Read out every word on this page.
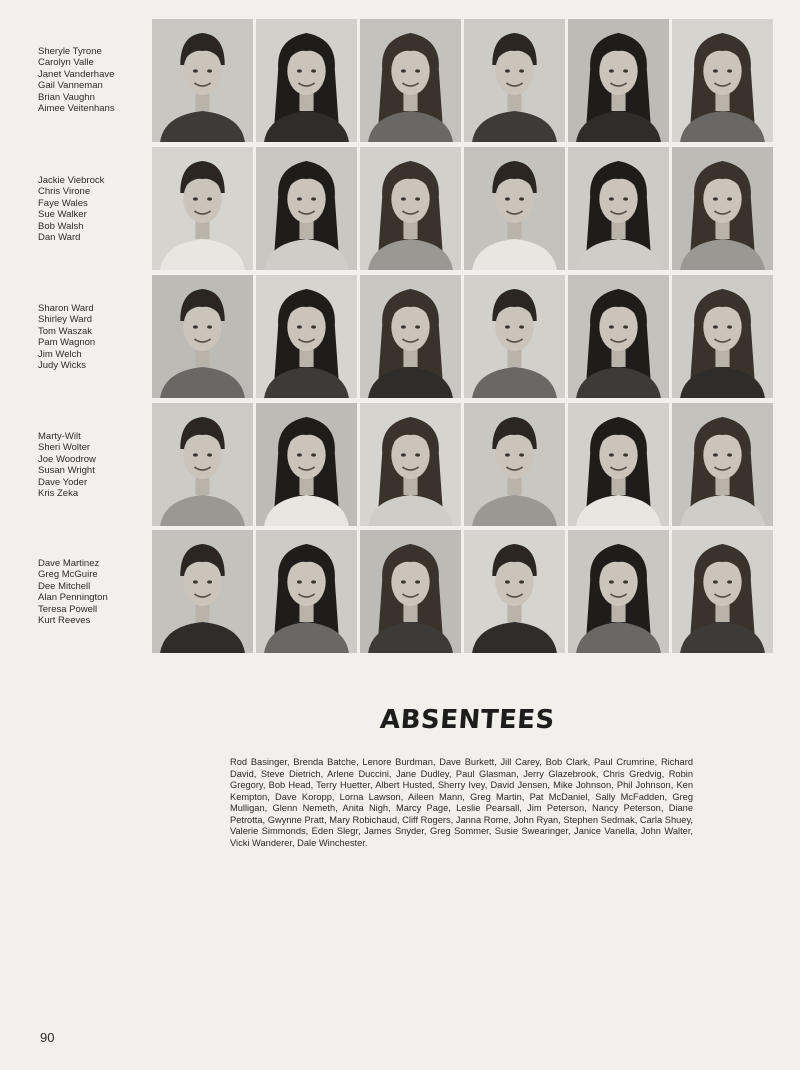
Sheryle Tyrone
Carolyn Valle
Janet Vanderhave
Gail Vanneman
Brian Vaughn
Aimee Veitenhans
Jackie Viebrock
Chris Virone
Faye Wales
Sue Walker
Bob Walsh
Dan Ward
Sharon Ward
Shirley Ward
Tom Waszak
Pam Wagnon
Jim Welch
Judy Wicks
Marty-Wilt
Sheri Wolter
Joe Woodrow
Susan Wright
Dave Yoder
Kris Zeka
Dave Martinez
Greg McGuire
Dee Mitchell
Alan Pennington
Teresa Powell
Kurt Reeves
ABSENTEES
Rod Basinger, Brenda Batche, Lenore Burdman, Dave Burkett, Jill Carey, Bob Clark, Paul Crumrine, Richard David, Steve Dietrich, Arlene Duccini, Jane Dudley, Paul Glasman, Jerry Glazebrook, Chris Gredvig, Robin Gregory, Bob Head, Terry Huetter, Albert Husted, Sherry Ivey, David Jensen, Mike Johnson, Phil Johnson, Ken Kempton, Dave Koropp, Lorna Lawson, Aileen Mann, Greg Martin, Pat McDaniel, Sally McFadden, Greg Mulligan, Glenn Nemeth, Anita Nigh, Marcy Page, Leslie Pearsall, Jim Peterson, Nancy Peterson, Diane Petrotta, Gwynne Pratt, Mary Robichaud, Cliff Rogers, Janna Rome, John Ryan, Stephen Sedmak, Carla Shuey, Valerie Simmonds, Eden Slegr, James Snyder, Greg Sommer, Susie Swearinger, Janice Vanella, John Walter, Vicki Wanderer, Dale Winchester.
90
